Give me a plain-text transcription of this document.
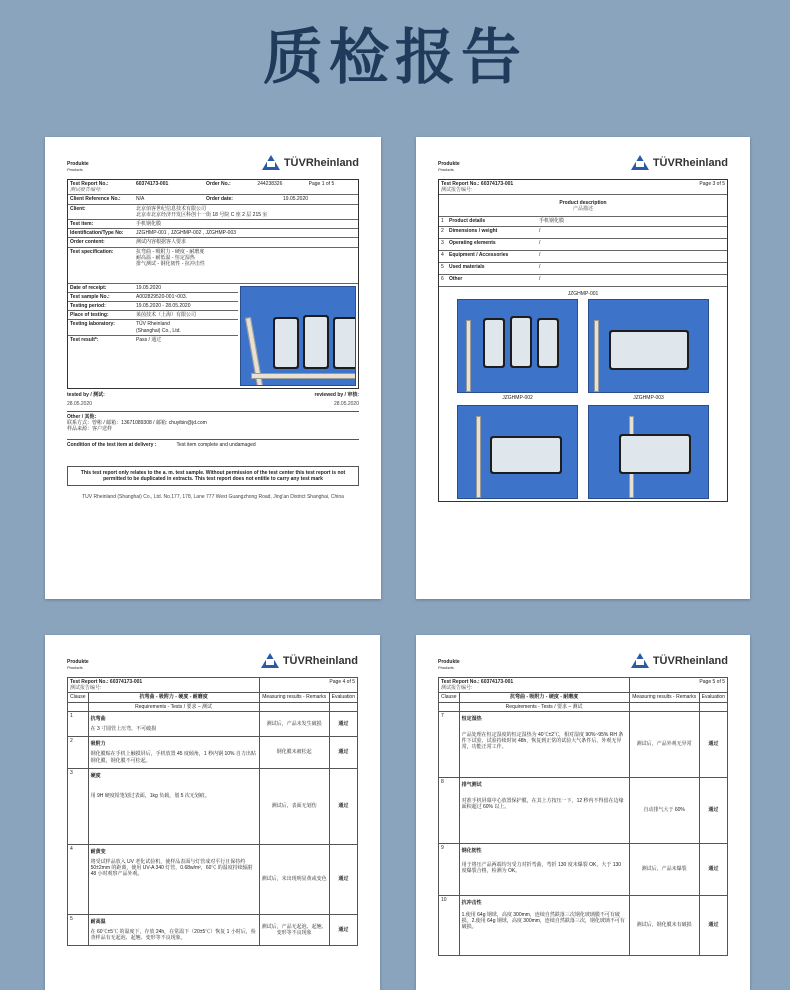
质检报告
Produkte
Products
TÜVRheinland
Test Report No.:
测试报告编号:
60374173-001	Order No.:	244238326	Page 1 of 5
Client Reference No.:	N/A	Order date:	19.05.2020
Client:	北京佰客世纪信息技术有限公司
北京市北京经济开发区科创十一街 18 号院 C 座 2 层 215 室
Test item:	手机钢化膜
Identification/Type No:	JZGHMP-001 , JZGHMP-002 , JZGHMP-003
Order content:	测试内容根据客人要求
Test specification:	抗弯曲 - 吸附力 - 硬度 - 耐磨度
耐高温 - 耐低温 - 恒定湿热
排气测试 - 钢化韧性 - 抗冲击性
Date of receipt:	19.05.2020
Test sample No.:	A002829520-001~003.
Testing period:	19.05.2020 - 28.05.2020
Place of testing:	莱茵技术（上海）有限公司
Testing laboratory:	TÜV Rheinland
(Shanghai) Co., Ltd.
Test result*:	Pass / 通过
tested by / 测试:	reviewed by / 审核:
28.05.2020	28.05.2020
Other / 其他:
联系方式：曾彬 / 邮箱：13671089308 / 邮箱: chuyibin@jd.com
样品来源：客户送样
Condition of the test item at delivery :	Test item complete and undamaged
This test report only relates to the a. m. test sample. Without permission of the test center this test report is not
permitted to be duplicated in extracts. This test report does not entitle to carry any test mark
TUV Rheinland (Shanghai) Co., Ltd. No.177, 178, Lane 777 West Guangzhong Road, Jing'an District Shanghai, China
Produkte
Products
TÜVRheinland
Test Report No.: 60374173-001
测试报告编号:
Page 3 of 5
Product description
产品描述
1	Product details	手机钢化膜
2	Dimensions / weight	/
3	Operating elements	/
4	Equipment / Accessories	/
5	Used materials	/
6	Other	/
JZGHMP-001
JZGHMP-002	JZGHMP-003
Produkte
Products
TÜVRheinland
Test Report No.: 60374173-001
测试报告编号:		Page 4 of 5	
Clause	抗弯曲 - 吸附力 - 硬度 - 耐磨度	Measuring results - Remarks	Evaluation
	Requirements - Tests / 要求 – 测试		
1	抗弯曲
在 3 寸圆管上压弯，不可破损	测试后，产品未发生破损	通过
2	吸附力
钢化膜贴在手机上触摸屏后，手机放置 45 度倾角，1 秒内钢 10% 自力出贴钢化膜，钢化膜不可松起。	钢化膜未被松起	通过
3	硬度
用 9H 硬度铅笔划过表面，1kg 负载，划 5 次无划痕。	测试后，表面无划伤	通过
4	耐黄变
将受试样品放入 UV 老化试验机，使样品表面与灯管成对平行且保持约 50±2mm 的距离，使用 UV-A 340 灯管，0.68w/m²，60℃ 的温度持续辐射 48 小时观察产品外观。	测试后，未出现明显黄或变色	通过
5	耐高温
在 60℃±5℃ 的温度下，存放 24h，在常温下（20±5℃）恢复 1 小时后，检查样品有无起泡、起翘、变形等不良现象。	测试后，产品无起泡、起翘、变形等不良现象	通过
Produkte
Products
TÜVRheinland
Test Report No.: 60374173-001
测试报告编号:		Page 5 of 5	
Clause	抗弯曲 - 吸附力 - 硬度 - 耐磨度	Measuring results - Remarks	Evaluation
	Requirements - Tests / 要求 – 测试		
7	恒定湿热
产品处理在恒定湿度的恒定湿热为 40℃±2℃，相对湿度 90%~95% RH 条件下试验，试验持续时间 48h，恢复到正常的试验大气条件后，外观无异常，功能正常工作。	测试后，产品外观无异常	通过
8	排气测试
对准手机屏幕中心放置保护膜，在其上方按压一下，12 秒内不得留在边缘面积超过 60% 以上。	自动排气大于 60%	通过
9	钢化韧性
用于将压产品两端均匀受力对折弯曲，弯折 130 度未爆裂 OK，大于 130 度爆裂合格，检测为 OK。	测试后，产品未爆裂	通过
10	抗冲击性
1.使用 64g 钢球，高度 300mm，连续自然跌落三次钢化玻璃膜不可有破损。2.使用 64g 钢球，高度 300mm，连续自然跌落三次，钢化玻璃不可有破损。	测试后，钢化膜未有破损	通过
